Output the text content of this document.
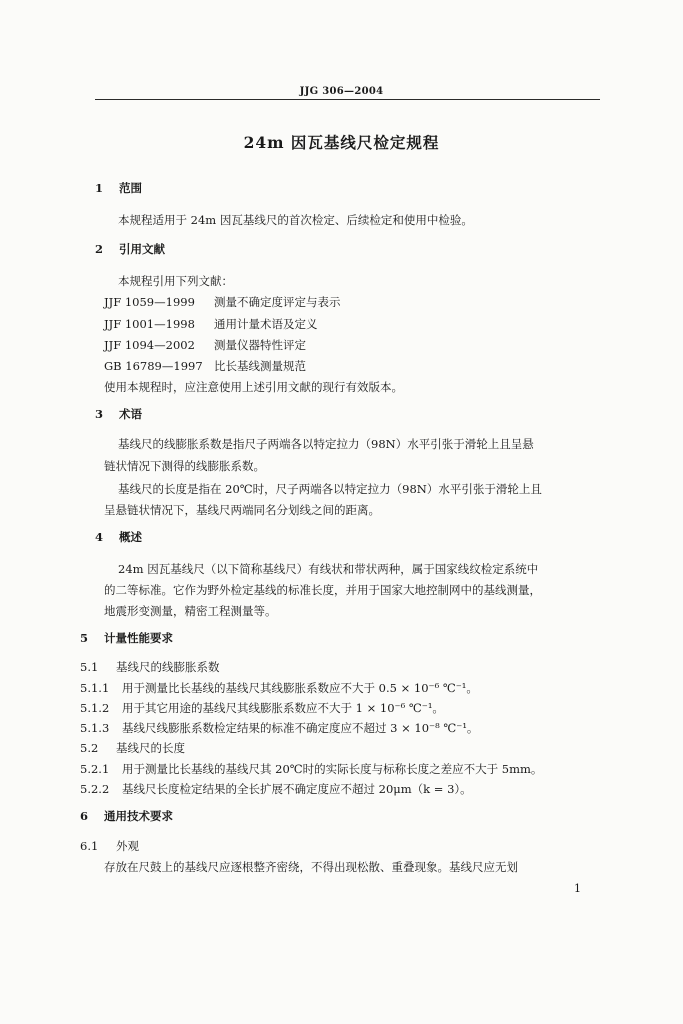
JJG 306—2004
24m 因瓦基线尺检定规程
1 范围
本规程适用于 24m 因瓦基线尺的首次检定、后续检定和使用中检验。
2 引用文献
本规程引用下列文献：
JJF 1059—1999 测量不确定度评定与表示
JJF 1001—1998 通用计量术语及定义
JJF 1094—2002 测量仪器特性评定
GB 16789—1997 比长基线测量规范
使用本规程时，应注意使用上述引用文献的现行有效版本。
3 术语
基线尺的线膨胀系数是指尺子两端各以特定拉力（98N）水平引张于滑轮上且呈悬
链状情况下测得的线膨胀系数。
基线尺的长度是指在 20℃时，尺子两端各以特定拉力（98N）水平引张于滑轮上且
呈悬链状情况下，基线尺两端同名分划线之间的距离。
4 概述
24m 因瓦基线尺（以下简称基线尺）有线状和带状两种，属于国家线纹检定系统中
的二等标准。它作为野外检定基线的标准长度，并用于国家大地控制网中的基线测量，
地震形变测量，精密工程测量等。
5 计量性能要求
5.1 基线尺的线膨胀系数
5.1.1 用于测量比长基线的基线尺其线膨胀系数应不大于 0.5 × 10⁻⁶ ℃⁻¹。
5.1.2 用于其它用途的基线尺其线膨胀系数应不大于 1 × 10⁻⁶ ℃⁻¹。
5.1.3 基线尺线膨胀系数检定结果的标准不确定度应不超过 3 × 10⁻⁸ ℃⁻¹。
5.2 基线尺的长度
5.2.1 用于测量比长基线的基线尺其 20℃时的实际长度与标称长度之差应不大于 5mm。
5.2.2 基线尺长度检定结果的全长扩展不确定度应不超过 20μm（k = 3）。
6 通用技术要求
6.1 外观
存放在尺鼓上的基线尺应逐根整齐密绕，不得出现松散、重叠现象。基线尺应无划
1
